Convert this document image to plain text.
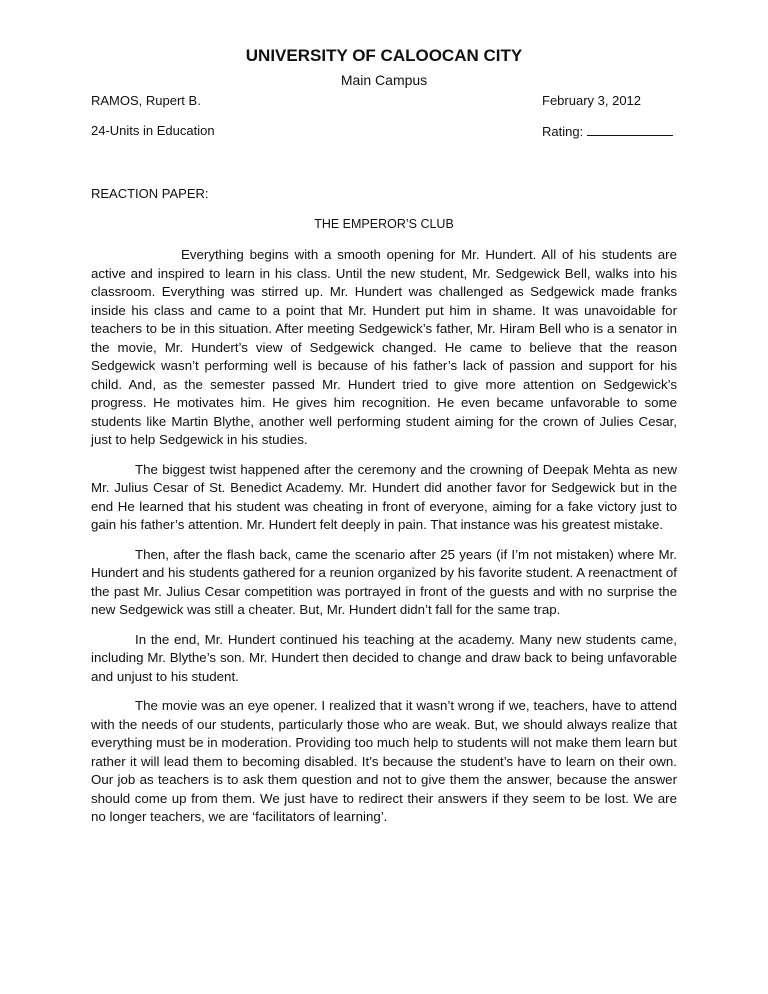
UNIVERSITY OF CALOOCAN CITY
Main Campus
RAMOS, Rupert B.	February 3, 2012
24-Units in Education	Rating:
REACTION PAPER:
THE EMPEROR’S CLUB

Everything begins with a smooth opening for Mr. Hundert. All of his students are active and inspired to learn in his class. Until the new student, Mr. Sedgewick Bell, walks into his classroom. Everything was stirred up. Mr. Hundert was challenged as Sedgewick made franks inside his class and came to a point that Mr. Hundert put him in shame. It was unavoidable for teachers to be in this situation. After meeting Sedgewick’s father, Mr. Hiram Bell who is a senator in the movie, Mr. Hundert’s view of Sedgewick changed. He came to believe that the reason Sedgewick wasn’t performing well is because of his father’s lack of passion and support for his child. And, as the semester passed Mr. Hundert tried to give more attention on Sedgewick’s progress. He motivates him. He gives him recognition. He even became unfavorable to some students like Martin Blythe, another well performing student aiming for the crown of Julies Cesar, just to help Sedgewick in his studies.

The biggest twist happened after the ceremony and the crowning of Deepak Mehta as new Mr. Julius Cesar of St. Benedict Academy. Mr. Hundert did another favor for Sedgewick but in the end He learned that his student was cheating in front of everyone, aiming for a fake victory just to gain his father’s attention. Mr. Hundert felt deeply in pain. That instance was his greatest mistake.

Then, after the flash back, came the scenario after 25 years (if I’m not mistaken) where Mr. Hundert and his students gathered for a reunion organized by his favorite student. A reenactment of the past Mr. Julius Cesar competition was portrayed in front of the guests and with no surprise the new Sedgewick was still a cheater. But, Mr. Hundert didn’t fall for the same trap.

In the end, Mr. Hundert continued his teaching at the academy. Many new students came, including Mr. Blythe’s son. Mr. Hundert then decided to change and draw back to being unfavorable and unjust to his student.

The movie was an eye opener. I realized that it wasn’t wrong if we, teachers, have to attend with the needs of our students, particularly those who are weak. But, we should always realize that everything must be in moderation. Providing too much help to students will not make them learn but rather it will lead them to becoming disabled. It’s because the student’s have to learn on their own. Our job as teachers is to ask them question and not to give them the answer, because the answer should come up from them. We just have to redirect their answers if they seem to be lost. We are no longer teachers, we are ‘facilitators of learning’.
